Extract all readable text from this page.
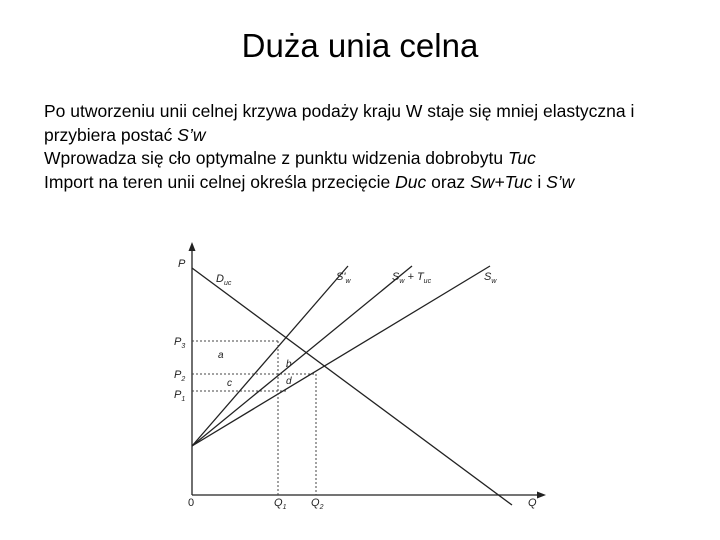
Duża unia celna

Po utworzeniu unii celnej krzywa podaży kraju W staje się mniej elastyczna i przybiera postać S’w

Wprowadza się cło optymalne z punktu widzenia dobrobytu Tuc

Import na teren unii celnej określa przecięcie Duc oraz Sw+Tuc i S’w

P
Q
0
$D_{uc}$
$S'_w$	$S_w + T_{uc}$	$S_w$
$P_3$
$P_2$
$P_1$
$Q_1$ $Q_2$
a
b
c	d
